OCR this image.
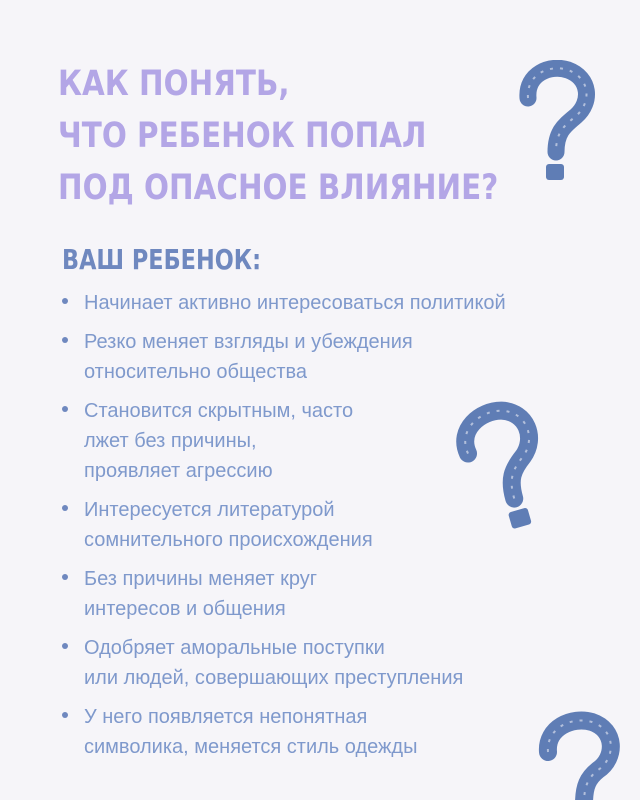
КАК ПОНЯТЬ,
ЧТО РЕБЕНОК ПОПАЛ
ПОД ОПАСНОЕ ВЛИЯНИЕ?
ВАШ РЕБЕНОК:
Начинает активно интересоваться политикой
Резко меняет взгляды и убеждения
относительно общества
Становится скрытным, часто
лжет без причины,
проявляет агрессию
Интересуется литературой
сомнительного происхождения
Без причины меняет круг
интересов и общения
Одобряет аморальные поступки
или людей, совершающих преступления
У него появляется непонятная
символика, меняется стиль одежды
